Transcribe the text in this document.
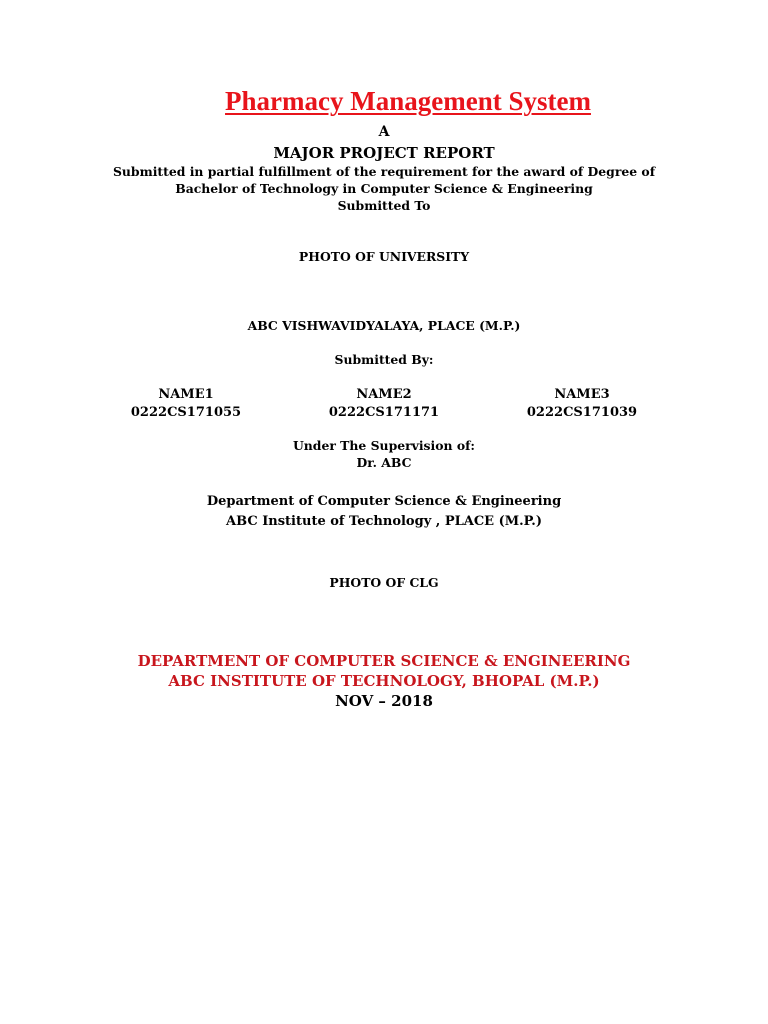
Pharmacy Management System
A
MAJOR PROJECT REPORT
Submitted in partial fulfillment of the requirement for the award of Degree of
Bachelor of Technology in Computer Science & Engineering
Submitted To
PHOTO OF UNIVERSITY
ABC VISHWAVIDYALAYA, PLACE (M.P.)
Submitted By:
NAME1
0222CS171055
NAME2
0222CS171171
NAME3
0222CS171039
Under The Supervision of:
Dr. ABC
Department of Computer Science & Engineering
ABC Institute of Technology , PLACE (M.P.)
PHOTO OF CLG
DEPARTMENT OF COMPUTER SCIENCE & ENGINEERING
ABC INSTITUTE OF TECHNOLOGY, BHOPAL (M.P.)
NOV – 2018
